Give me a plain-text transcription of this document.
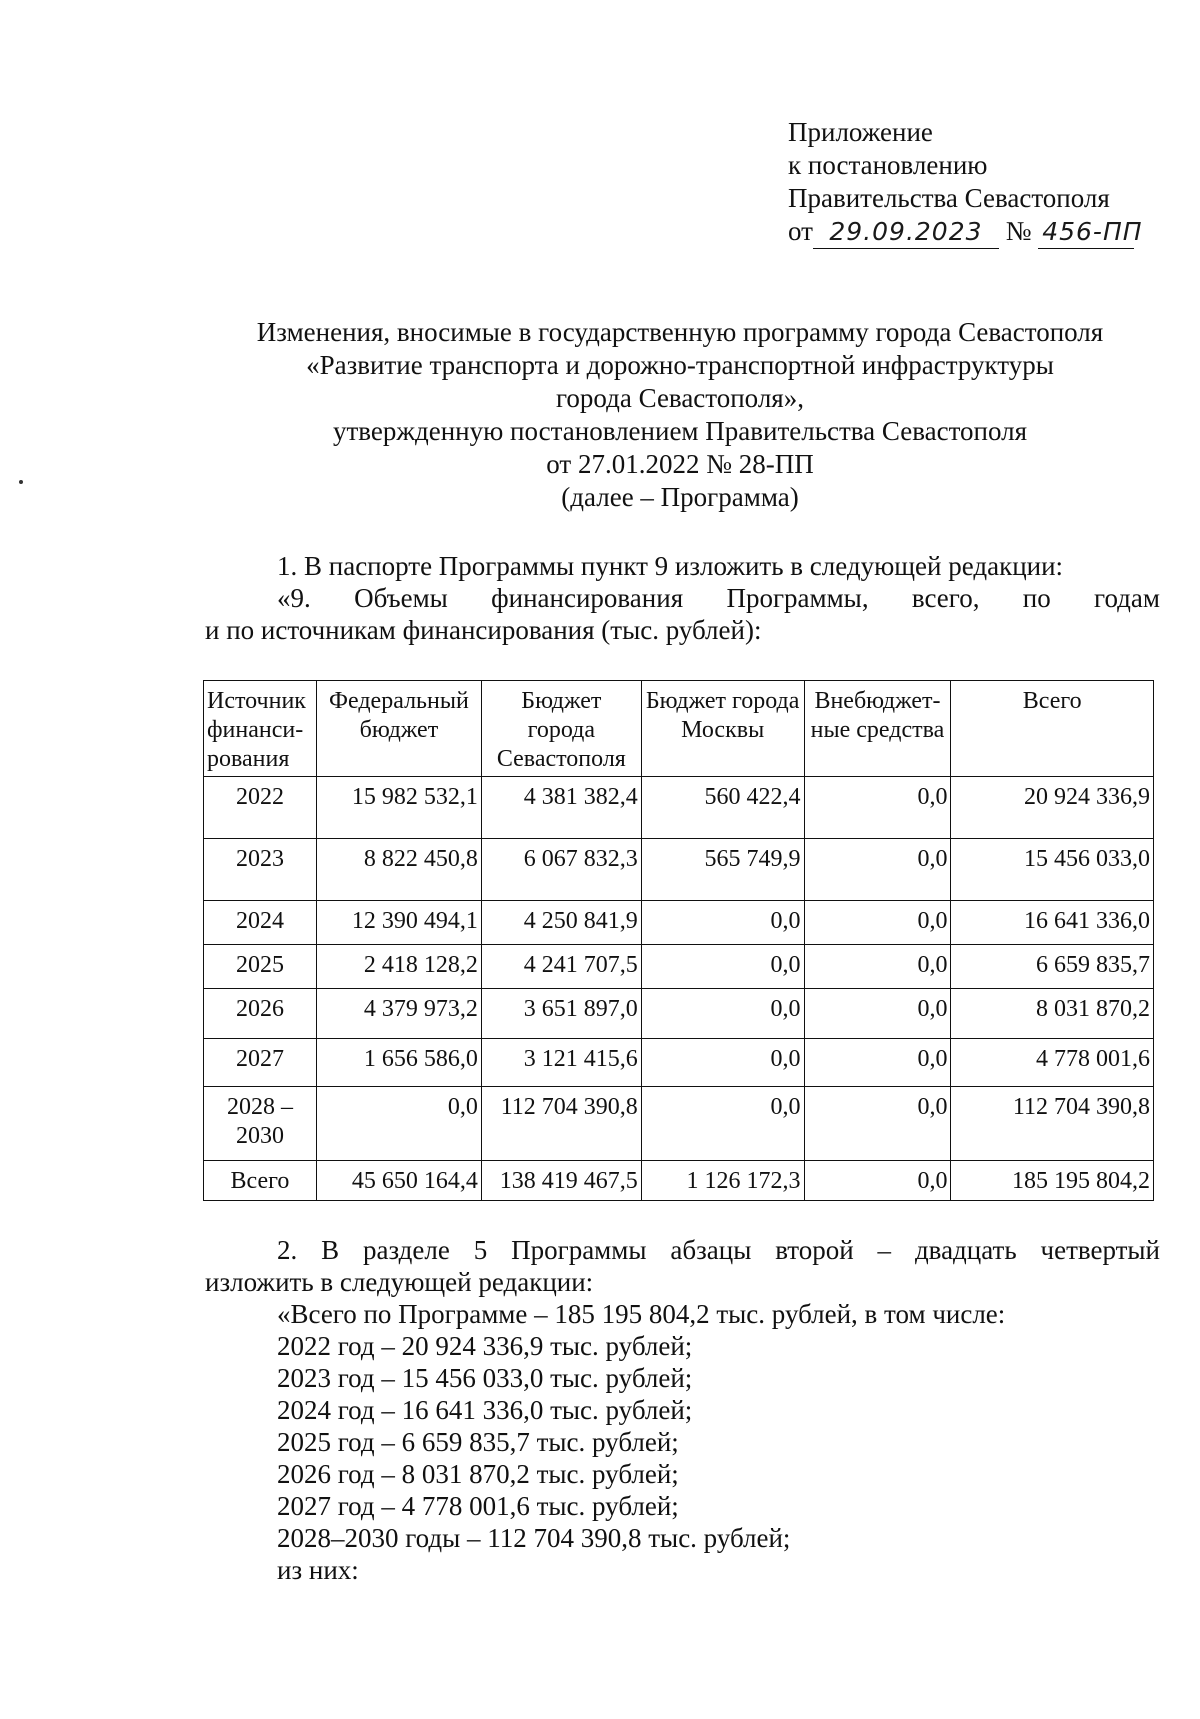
Приложение
к постановлению
Правительства Севастополя
от 29.09.2023 № 456-ПП
Изменения, вносимые в государственную программу города Севастополя
«Развитие транспорта и дорожно-транспортной инфраструктуры
города Севастополя»,
утвержденную постановлением Правительства Севастополя
от 27.01.2022 № 28-ПП
(далее – Программа)
1. В паспорте Программы пункт 9 изложить в следующей редакции:
«9. Объемы финансирования Программы, всего, по годам
и по источникам финансирования (тыс. рублей):
Источник финанси-рования	Федеральный бюджет	Бюджет города Севастополя	Бюджет города Москвы	Внебюджет-ные средства	Всего
2022	15 982 532,1	4 381 382,4	560 422,4	0,0	20 924 336,9
2023	8 822 450,8	6 067 832,3	565 749,9	0,0	15 456 033,0
2024	12 390 494,1	4 250 841,9	0,0	0,0	16 641 336,0
2025	2 418 128,2	4 241 707,5	0,0	0,0	6 659 835,7
2026	4 379 973,2	3 651 897,0	0,0	0,0	8 031 870,2
2027	1 656 586,0	3 121 415,6	0,0	0,0	4 778 001,6
2028 – 2030	0,0	112 704 390,8	0,0	0,0	112 704 390,8
Всего	45 650 164,4	138 419 467,5	1 126 172,3	0,0	185 195 804,2
2. В разделе 5 Программы абзацы второй – двадцать четвертый
изложить в следующей редакции:
«Всего по Программе – 185 195 804,2 тыс. рублей, в том числе:
2022 год – 20 924 336,9 тыс. рублей;
2023 год – 15 456 033,0 тыс. рублей;
2024 год – 16 641 336,0 тыс. рублей;
2025 год – 6 659 835,7 тыс. рублей;
2026 год – 8 031 870,2 тыс. рублей;
2027 год – 4 778 001,6 тыс. рублей;
2028–2030 годы – 112 704 390,8 тыс. рублей;
из них:
